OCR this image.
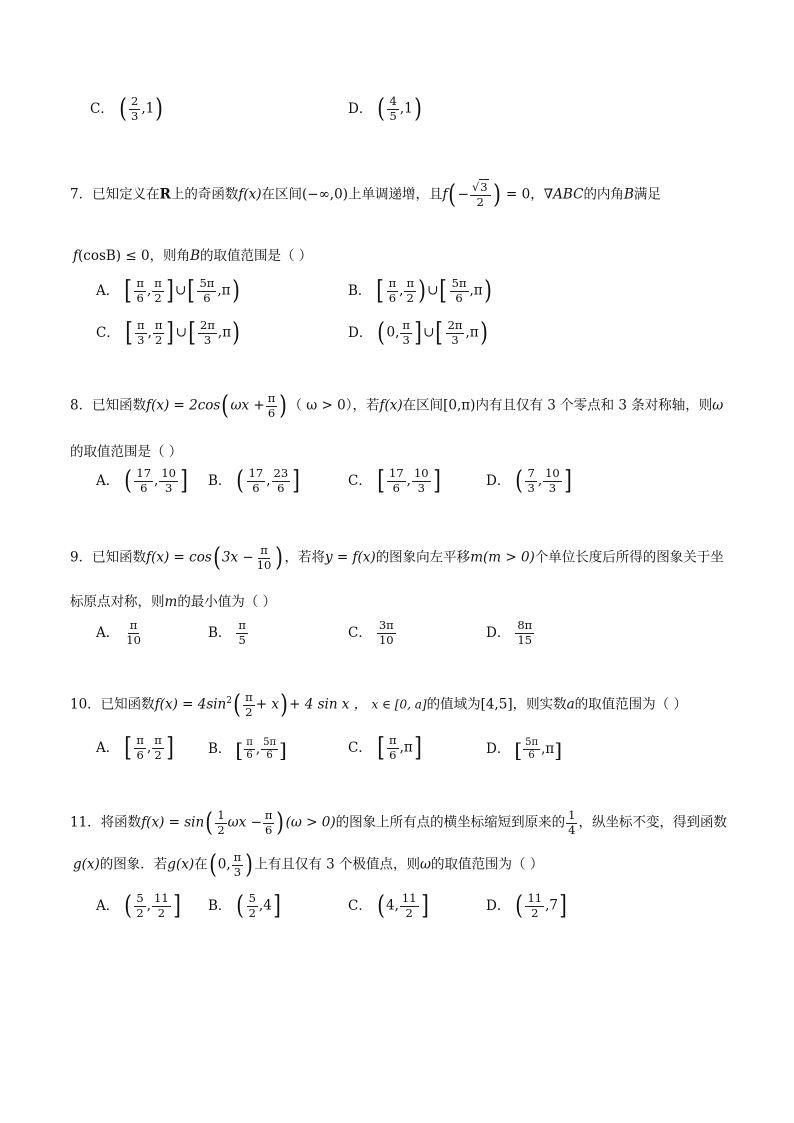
C． ( $\frac{2}{3} ,1$)	D． ( $\frac{4}{5} ,1$)
7．已知定义在R上的奇函数f(x)在区间(−∞,0)上单调递增，且$f(- \frac{√3}{2}$ ) = 0，∇ABC的内角B满足
f(cosB) ≤ 0，则角B的取值范围是（ ）
A． [ $\frac{\pi}{6}$ , $\frac{\pi}{2}$ ]∪[ $\frac{5\pi}{6} ,\pi$)	B． [ $\frac{\pi}{6}$ , $\frac{\pi}{2}$ )∪[ $\frac{5\pi}{6} ,\pi$)
C． [ $\frac{\pi}{3}$ , $\frac{\pi}{2}$ ]∪[ $\frac{2\pi}{3} ,\pi$)	D． (0, $\frac{\pi}{3}$ ]∪[ $\frac{2\pi}{3} ,\pi$)
8．已知函数$f(x) = 2\cos(\omega x + \frac{\pi}{6}$ )（ ω > 0），若f(x)在区间[0,π)内有且仅有 3 个零点和 3 条对称轴，则ω
的取值范围是（ ）
A． ( $\frac{17}{6}$ , $\frac{10}{3}$ ] B． ( $\frac{17}{6}$ , $\frac{23}{6}$ ]	C． [ $\frac{17}{6}$ , $\frac{10}{3}$ ]	D． ( $\frac{7}{3}$ , $\frac{10}{3}$ ]
9．已知函数$f(x) = \cos(3x - \frac{\pi}{10}$ )，若将y = f(x)的图象向左平移m(m > 0)个单位长度后所得的图象关于坐
标原点对称，则m的最小值为（ ）
A． $\frac{\pi}{10}$	B． $\frac{\pi}{5}$	C． $\frac{3\pi}{10}$	D． $\frac{8\pi}{15}$
10．已知函数$f(x) = 4\sin^2( \frac{\pi}{2} + x)+ 4$ sin x ， x ∈ [0, a]的值域为[4,5]，则实数a的取值范围为（ ）
A． [ $\frac{\pi}{6}$ , $\frac{\pi}{2}$ ]	B． [ $\frac{\pi}{6}$ , $\frac{5\pi}{6}$ ]	C． [ $\frac{\pi}{6} ,\pi$]	D． [ $\frac{5\pi}{6} ,\pi$]
11．将函数$f(x) = \sin( \frac{1}{2}$ $\omega x - \frac{\pi}{6} )(\omega > 0)$的图象上所有点的横坐标缩短到原来的 $\frac{1}{4}$ ，纵坐标不变，得到函数
g(x)的图象．若g(x)在(0, $\frac{\pi}{3}$ )上有且仅有 3 个极值点，则ω的取值范围为（ ）
A． ( $\frac{5}{2}$ , $\frac{11}{2}$ ] B． ( $\frac{5}{2} ,4$]	C． (4, $\frac{11}{2}$ ]	D． ( $\frac{11}{2} ,7$]
